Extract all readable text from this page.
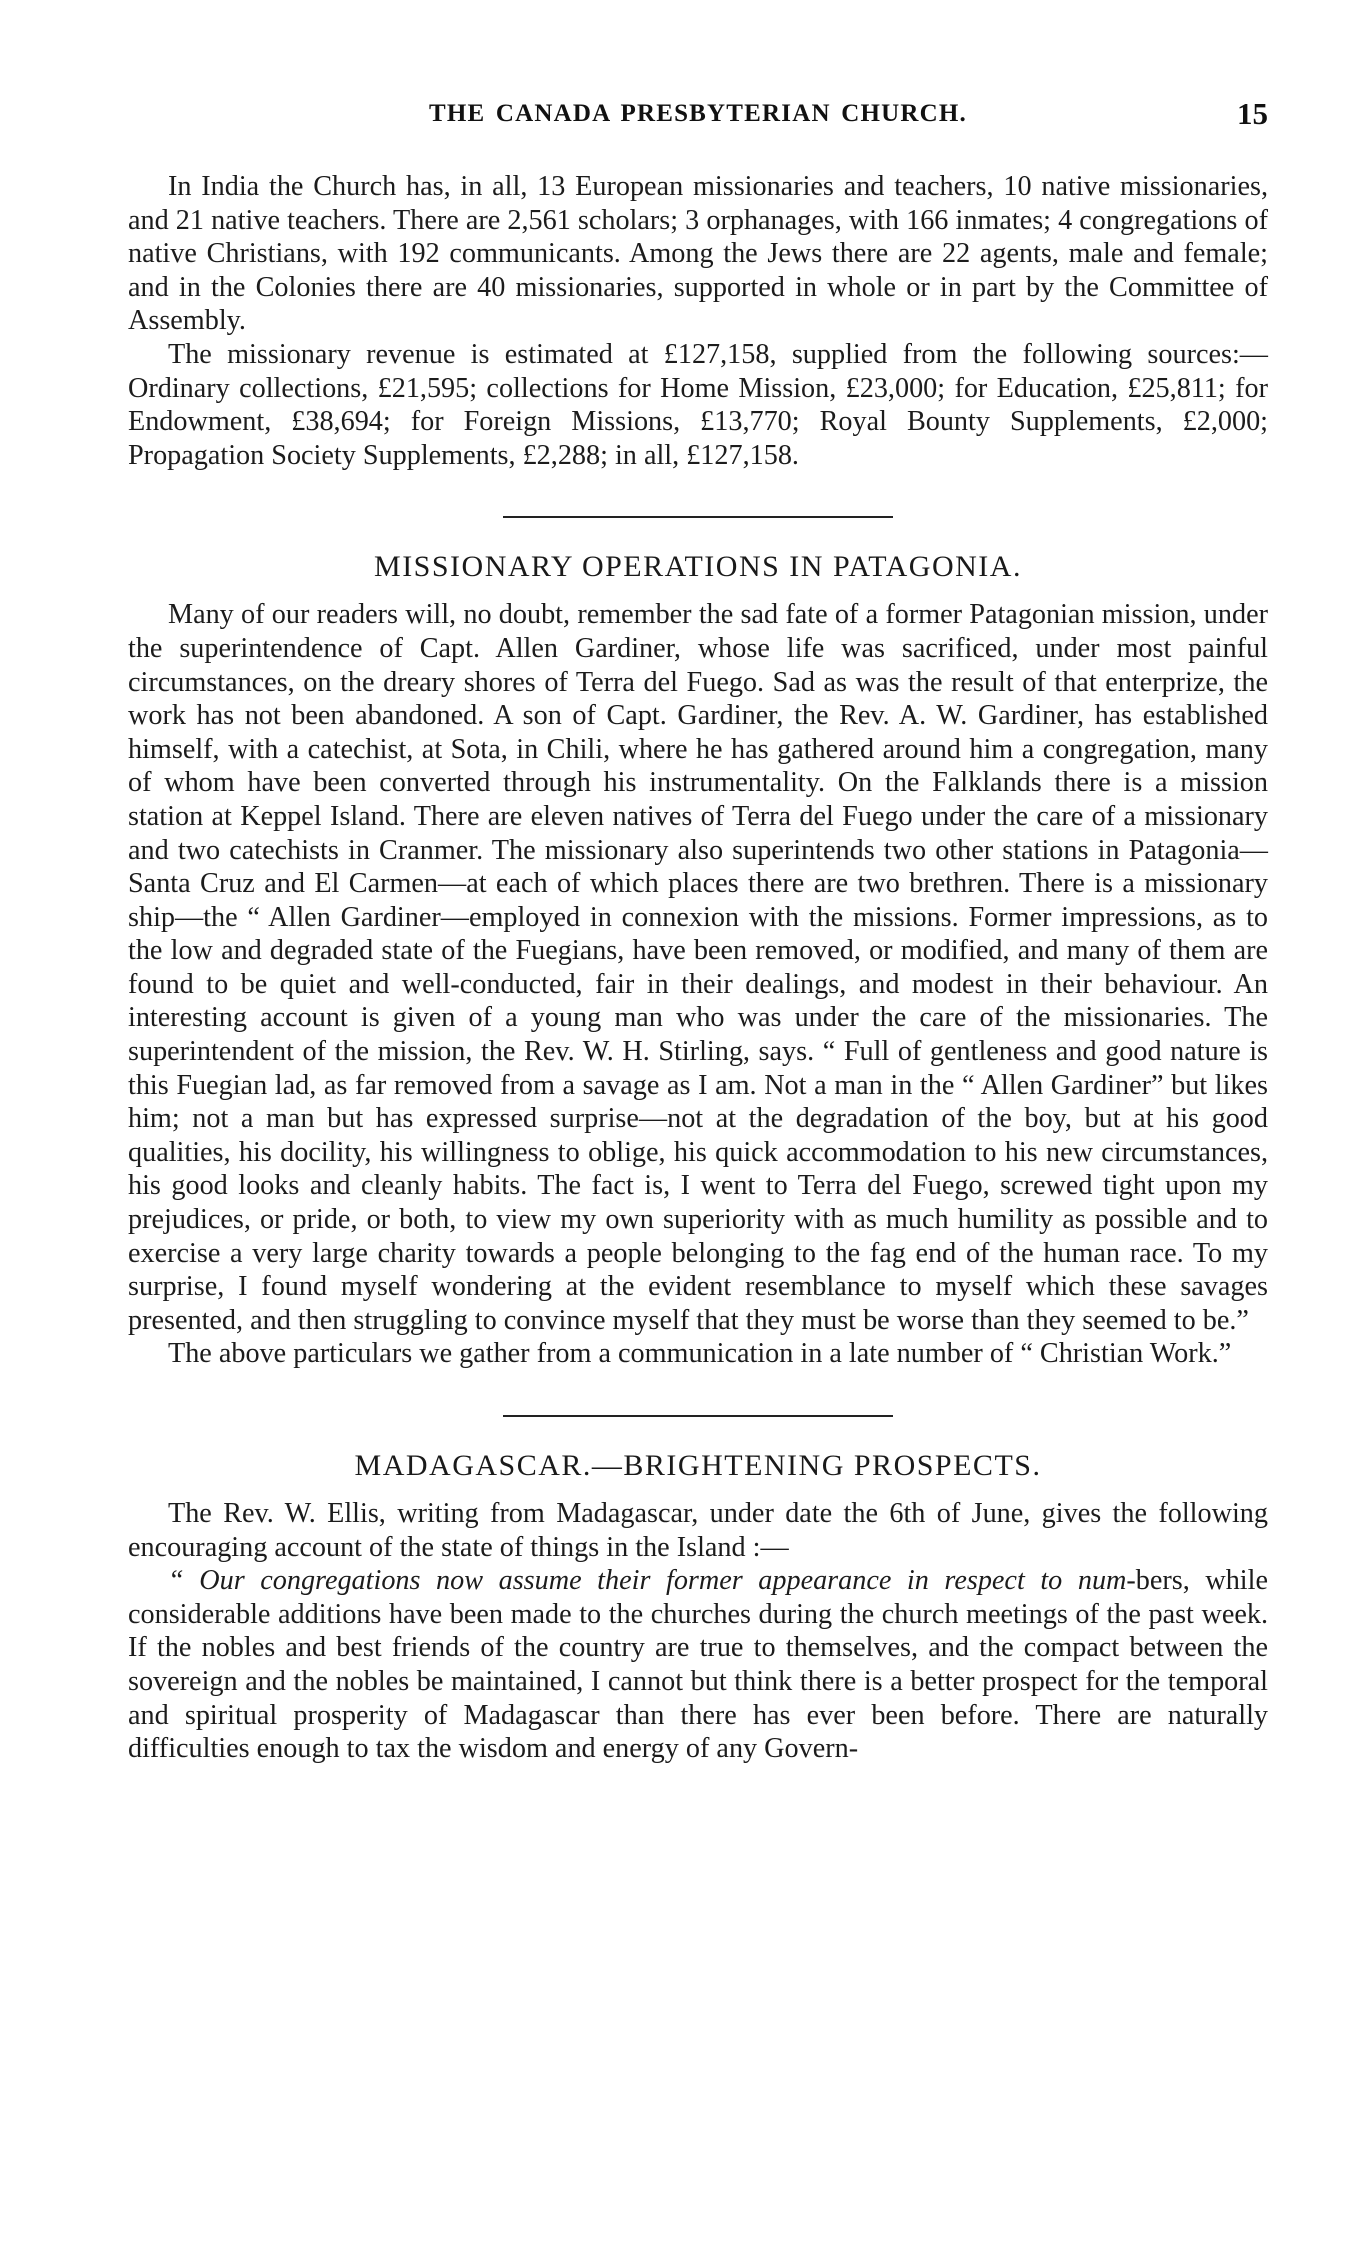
THE CANADA PRESBYTERIAN CHURCH.	15

In India the Church has, in all, 13 European missionaries and teachers, 10 native missionaries, and 21 native teachers. There are 2,561 scholars; 3 orphanages, with 166 inmates; 4 congregations of native Christians, with 192 communicants. Among the Jews there are 22 agents, male and female; and in the Colonies there are 40 missionaries, supported in whole or in part by the Committee of Assembly.

The missionary revenue is estimated at £127,158, supplied from the following sources:—Ordinary collections, £21,595; collections for Home Mission, £23,000; for Education, £25,811; for Endowment, £38,694; for Foreign Missions, £13,770; Royal Bounty Supplements, £2,000; Propagation Society Supplements, £2,288; in all, £127,158.

MISSIONARY OPERATIONS IN PATAGONIA.

Many of our readers will, no doubt, remember the sad fate of a former Patagonian mission, under the superintendence of Capt. Allen Gardiner, whose life was sacrificed, under most painful circumstances, on the dreary shores of Terra del Fuego. Sad as was the result of that enterprize, the work has not been abandoned. A son of Capt. Gardiner, the Rev. A. W. Gardiner, has established himself, with a catechist, at Sota, in Chili, where he has gathered around him a congregation, many of whom have been converted through his instrumentality. On the Falklands there is a mission station at Keppel Island. There are eleven natives of Terra del Fuego under the care of a missionary and two catechists in Cranmer. The missionary also superintends two other stations in Patagonia—Santa Cruz and El Carmen—at each of which places there are two brethren. There is a missionary ship—the “ Allen Gardiner—employed in connexion with the missions. Former impressions, as to the low and degraded state of the Fuegians, have been removed, or modified, and many of them are found to be quiet and well-conducted, fair in their dealings, and modest in their behaviour. An interesting account is given of a young man who was under the care of the missionaries. The superintendent of the mission, the Rev. W. H. Stirling, says. “ Full of gentleness and good nature is this Fuegian lad, as far removed from a savage as I am. Not a man in the “ Allen Gardiner” but likes him; not a man but has expressed surprise—not at the degradation of the boy, but at his good qualities, his docility, his willingness to oblige, his quick accommodation to his new circumstances, his good looks and cleanly habits. The fact is, I went to Terra del Fuego, screwed tight upon my prejudices, or pride, or both, to view my own superiority with as much humility as possible and to exercise a very large charity towards a people belonging to the fag end of the human race. To my surprise, I found myself wondering at the evident resemblance to myself which these savages presented, and then struggling to convince myself that they must be worse than they seemed to be.”

The above particulars we gather from a communication in a late number of “ Christian Work.”

MADAGASCAR.—BRIGHTENING PROSPECTS.

The Rev. W. Ellis, writing from Madagascar, under date the 6th of June, gives the following encouraging account of the state of things in the Island :—

“ Our congregations now assume their former appearance in respect to num-bers, while considerable additions have been made to the churches during the church meetings of the past week. If the nobles and best friends of the country are true to themselves, and the compact between the sovereign and the nobles be maintained, I cannot but think there is a better prospect for the temporal and spiritual prosperity of Madagascar than there has ever been before. There are naturally difficulties enough to tax the wisdom and energy of any Govern-
